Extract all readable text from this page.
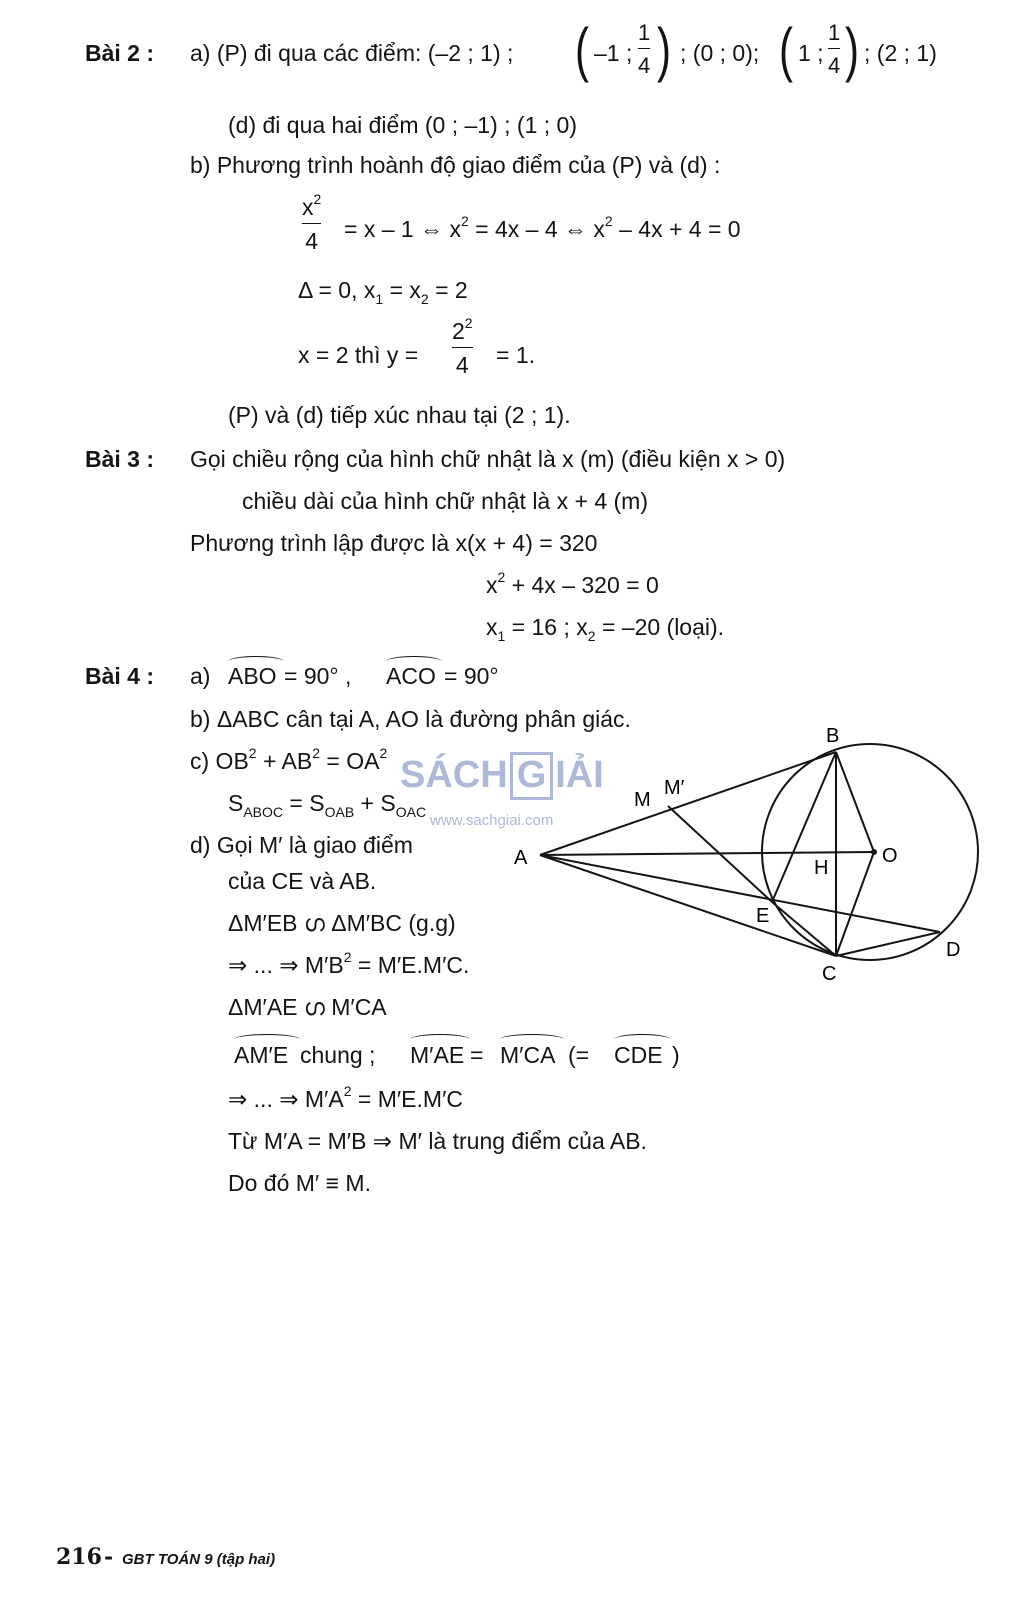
Bài 2 : a) (P) đi qua các điểm: (–2 ; 1) ; ( –1 ;
1
4 ) ; (0 ; 0); ( 1 ;
1
4 ) ; (2 ; 1)
(d) đi qua hai điểm (0 ; –1) ; (1 ; 0)
b) Phương trình hoành độ giao điểm của (P) và (d) :
$x^2$
4 = x – 1 ⇔ $x^2 = 4x - 4$ ⇔ $x^2 - 4x + 4 = 0$
Δ = 0, $x_1 = x_2 = 2$
x = 2 thì y =
$2^2$
4 = 1.
(P) và (d) tiếp xúc nhau tại (2 ; 1).
Bài 3 : Gọi chiều rộng của hình chữ nhật là x (m) (điều kiện x > 0)
chiều dài của hình chữ nhật là x + 4 (m)
Phương trình lập được là x(x + 4) = 320
$x^2 + 4x - 320 = 0$
$x_1 = 16$ ; $x_2 = -20$ (loại).
Bài 4 : a) ABO = 90° , ACO = 90°
b) ΔABC cân tại A, AO là đường phân giác.
c) $OB^2 + AB^2 = OA^2$
$S_{ABOC} = S_{OAB} + S_{OAC}$
d) Gọi M′ là giao điểm
của CE và AB.
ΔM′EB ഗ ΔM′BC (g.g)
⇒ ... ⇒ $M'B^2 = M'E.M'C$.
ΔM′AE ഗ M′CA
AM′E chung ; M′AE = M′CA (= CDE )
⇒ ... ⇒ $M'A^2 = M'E.M'C$
Từ M′A = M′B ⇒ M′ là trung điểm của AB.
Do đó M′ ≡ M.
SÁCH G IẢI
www.sachgiai.com
A
B
C
D
E
H
O
M
M′
216 - GBT TOÁN 9 (tập hai)
